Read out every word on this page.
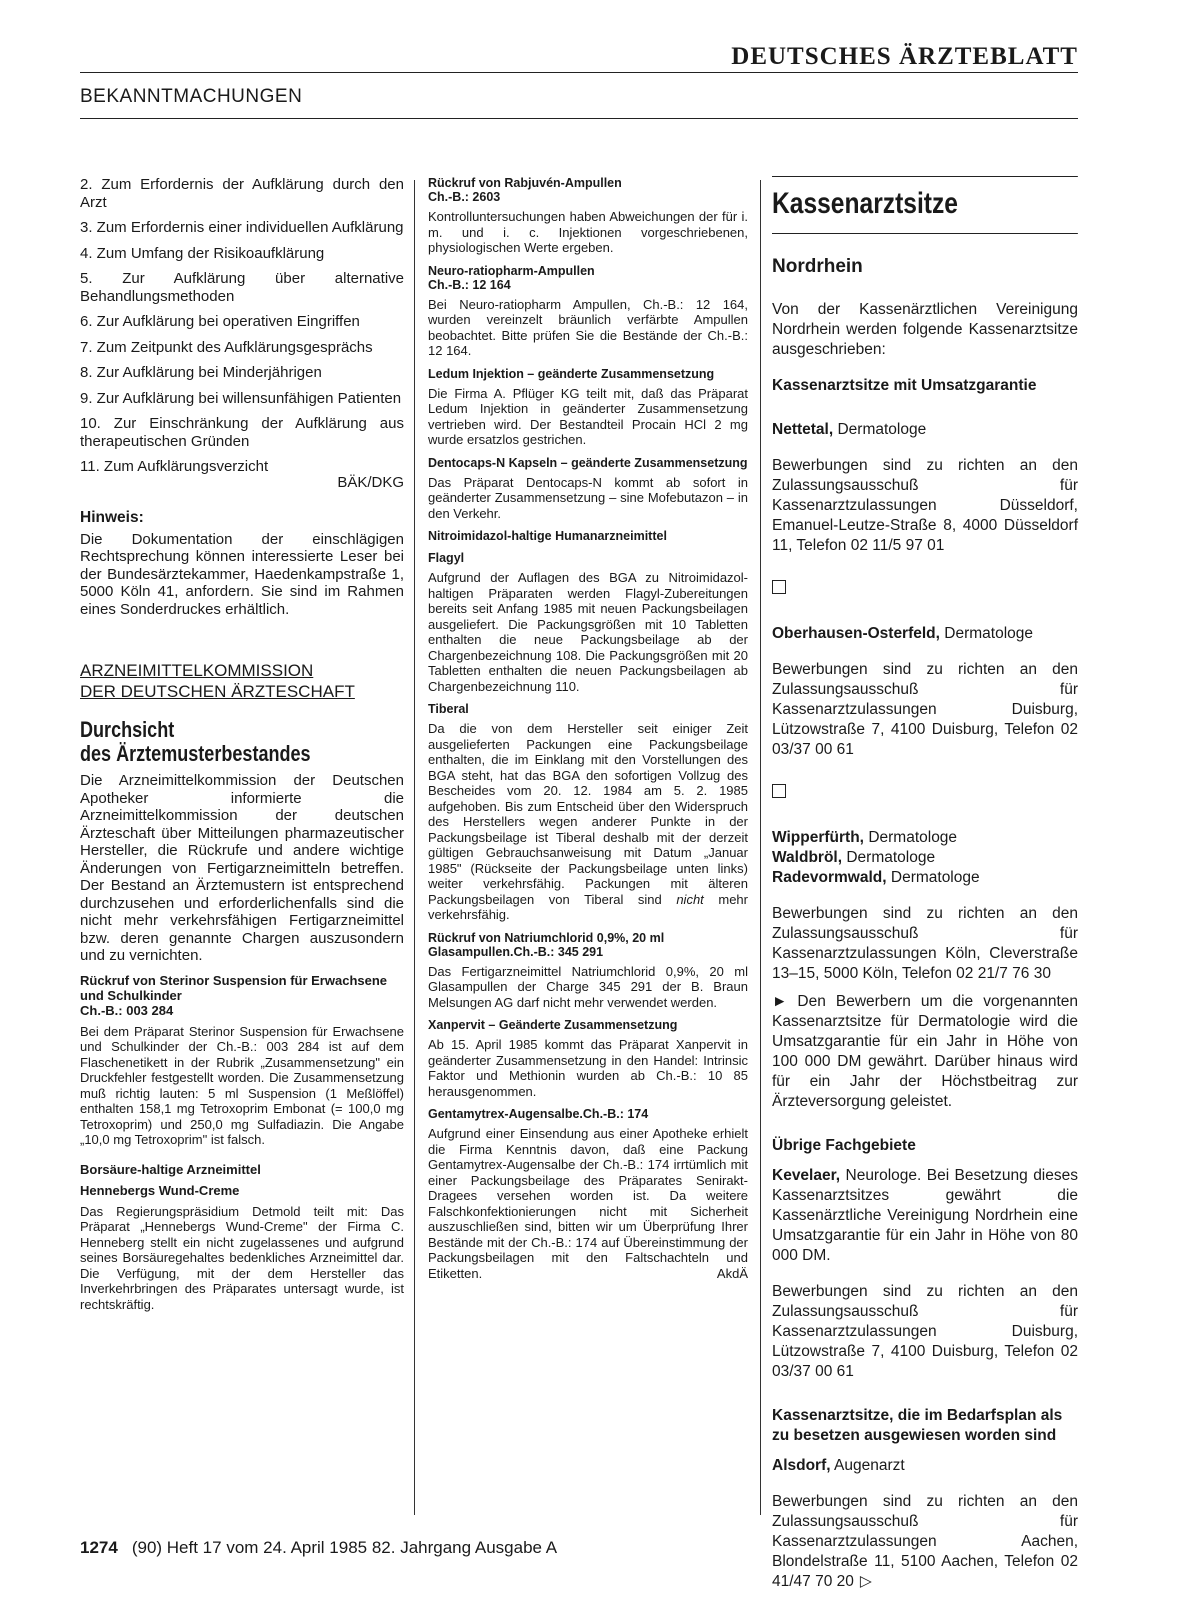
DEUTSCHES ÄRZTEBLATT
BEKANNTMACHUNGEN

2. Zum Erfordernis der Aufklärung durch den Arzt

3. Zum Erfordernis einer individuellen Aufklärung

4. Zum Umfang der Risikoaufklärung

5. Zur Aufklärung über alternative Behandlungsmethoden

6. Zur Aufklärung bei operativen Eingriffen

7. Zum Zeitpunkt des Aufklärungsgesprächs

8. Zur Aufklärung bei Minderjährigen

9. Zur Aufklärung bei willensunfähigen Patienten

10. Zur Einschränkung der Aufklärung aus therapeutischen Gründen

11. Zum Aufklärungsverzicht

BÄK/DKG

Hinweis:

Die Dokumentation der einschlägigen Rechtsprechung können interessierte Leser bei der Bundesärztekammer, Haedenkampstraße 1, 5000 Köln 41, anfordern. Sie sind im Rahmen eines Sonderdruckes erhältlich.

ARZNEIMITTELKOMMISSION
DER DEUTSCHEN ÄRZTESCHAFT
Durchsicht
des Ärztemusterbestandes

Die Arzneimittelkommission der Deutschen Apotheker informierte die Arzneimittelkommission der deutschen Ärzteschaft über Mitteilungen pharmazeutischer Hersteller, die Rückrufe und andere wichtige Änderungen von Fertigarzneimitteln betreffen. Der Bestand an Ärztemustern ist entsprechend durchzusehen und erforderlichenfalls sind die nicht mehr verkehrsfähigen Fertigarzneimittel bzw. deren genannte Chargen auszusondern und zu vernichten.

Rückruf von Sterinor Suspension für Erwachsene und Schulkinder
Ch.-B.: 003 284

Bei dem Präparat Sterinor Suspension für Erwachsene und Schulkinder der Ch.-B.: 003 284 ist auf dem Flaschenetikett in der Rubrik „Zusammensetzung" ein Druckfehler festgestellt worden. Die Zusammensetzung muß richtig lauten: 5 ml Suspension (1 Meßlöffel) enthalten 158,1 mg Tetroxoprim Embonat (= 100,0 mg Tetroxoprim) und 250,0 mg Sulfadiazin. Die Angabe „10,0 mg Tetroxoprim" ist falsch.

Borsäure-haltige Arzneimittel

Hennebergs Wund-Creme

Das Regierungspräsidium Detmold teilt mit: Das Präparat „Hennebergs Wund-Creme" der Firma C. Henneberg stellt ein nicht zugelassenes und aufgrund seines Borsäuregehaltes bedenkliches Arzneimittel dar. Die Verfügung, mit der dem Hersteller das Inverkehrbringen des Präparates untersagt wurde, ist rechtskräftig.

Rückruf von Rabjuvén-Ampullen
Ch.-B.: 2603

Kontrolluntersuchungen haben Abweichungen der für i. m. und i. c. Injektionen vorgeschriebenen, physiologischen Werte ergeben.

Neuro-ratiopharm-Ampullen
Ch.-B.: 12 164

Bei Neuro-ratiopharm Ampullen, Ch.-B.: 12 164, wurden vereinzelt bräunlich verfärbte Ampullen beobachtet. Bitte prüfen Sie die Bestände der Ch.-B.: 12 164.

Ledum Injektion – geänderte Zusammensetzung

Die Firma A. Pflüger KG teilt mit, daß das Präparat Ledum Injektion in geänderter Zusammensetzung vertrieben wird. Der Bestandteil Procain HCl 2 mg wurde ersatzlos gestrichen.

Dentocaps-N Kapseln – geänderte Zusammensetzung

Das Präparat Dentocaps-N kommt ab sofort in geänderter Zusammensetzung – sine Mofebutazon – in den Verkehr.

Nitroimidazol-haltige Humanarzneimittel

Flagyl

Aufgrund der Auflagen des BGA zu Nitroimidazol-haltigen Präparaten werden Flagyl-Zubereitungen bereits seit Anfang 1985 mit neuen Packungsbeilagen ausgeliefert. Die Packungsgrößen mit 10 Tabletten enthalten die neue Packungsbeilage ab der Chargenbezeichnung 108. Die Packungsgrößen mit 20 Tabletten enthalten die neuen Packungsbeilagen ab Chargenbezeichnung 110.

Tiberal

Da die von dem Hersteller seit einiger Zeit ausgelieferten Packungen eine Packungsbeilage enthalten, die im Einklang mit den Vorstellungen des BGA steht, hat das BGA den sofortigen Vollzug des Bescheides vom 20. 12. 1984 am 5. 2. 1985 aufgehoben. Bis zum Entscheid über den Widerspruch des Herstellers wegen anderer Punkte in der Packungsbeilage ist Tiberal deshalb mit der derzeit gültigen Gebrauchsanweisung mit Datum „Januar 1985" (Rückseite der Packungsbeilage unten links) weiter verkehrsfähig. Packungen mit älteren Packungsbeilagen von Tiberal sind nicht mehr verkehrsfähig.

Rückruf von Natriumchlorid 0,9%, 20 ml Glasampullen.Ch.-B.: 345 291

Das Fertigarzneimittel Natriumchlorid 0,9%, 20 ml Glasampullen der Charge 345 291 der B. Braun Melsungen AG darf nicht mehr verwendet werden.

Xanpervit – Geänderte Zusammensetzung

Ab 15. April 1985 kommt das Präparat Xanpervit in geänderter Zusammensetzung in den Handel: Intrinsic Faktor und Methionin wurden ab Ch.-B.: 10 85 herausgenommen.

Gentamytrex-Augensalbe.Ch.-B.: 174

Aufgrund einer Einsendung aus einer Apotheke erhielt die Firma Kenntnis davon, daß eine Packung Gentamytrex-Augensalbe der Ch.-B.: 174 irrtümlich mit einer Packungsbeilage des Präparates Senirakt-Dragees versehen worden ist. Da weitere Falschkonfektionierungen nicht mit Sicherheit auszuschließen sind, bitten wir um Überprüfung Ihrer Bestände mit der Ch.-B.: 174 auf Übereinstimmung der Packungsbeilagen mit den Faltschachteln und Etiketten.	AkdÄ

Kassenarztsitze

Nordrhein

Von der Kassenärztlichen Vereinigung Nordrhein werden folgende Kassenarztsitze ausgeschrieben:

Kassenarztsitze mit Umsatzgarantie

Nettetal, Dermatologe

Bewerbungen sind zu richten an den Zulassungsausschuß für Kassenarztzulassungen Düsseldorf, Emanuel-Leutze-Straße 8, 4000 Düsseldorf 11, Telefon 02 11/5 97 01

Oberhausen-Osterfeld, Dermatologe

Bewerbungen sind zu richten an den Zulassungsausschuß für Kassenarztzulassungen Duisburg, Lützowstraße 7, 4100 Duisburg, Telefon 02 03/37 00 61

Wipperfürth, Dermatologe

Waldbröl, Dermatologe

Radevormwald, Dermatologe

Bewerbungen sind zu richten an den Zulassungsausschuß für Kassenarztzulassungen Köln, Cleverstraße 13–15, 5000 Köln, Telefon 02 21/7 76 30

► Den Bewerbern um die vorgenannten Kassenarztsitze für Dermatologie wird die Umsatzgarantie für ein Jahr in Höhe von 100 000 DM gewährt. Darüber hinaus wird für ein Jahr der Höchstbeitrag zur Ärzteversorgung geleistet.

Übrige Fachgebiete

Kevelaer, Neurologe. Bei Besetzung dieses Kassenarztsitzes gewährt die Kassenärztliche Vereinigung Nordrhein eine Umsatzgarantie für ein Jahr in Höhe von 80 000 DM.

Bewerbungen sind zu richten an den Zulassungsausschuß für Kassenarztzulassungen Duisburg, Lützowstraße 7, 4100 Duisburg, Telefon 02 03/37 00 61

Kassenarztsitze, die im Bedarfsplan als zu besetzen ausgewiesen worden sind

Alsdorf, Augenarzt

Bewerbungen sind zu richten an den Zulassungsausschuß für Kassenarztzulassungen Aachen, Blondelstraße 11, 5100 Aachen, Telefon 02 41/47 70 20 ▷

1274 (90) Heft 17 vom 24. April 1985 82. Jahrgang Ausgabe A
